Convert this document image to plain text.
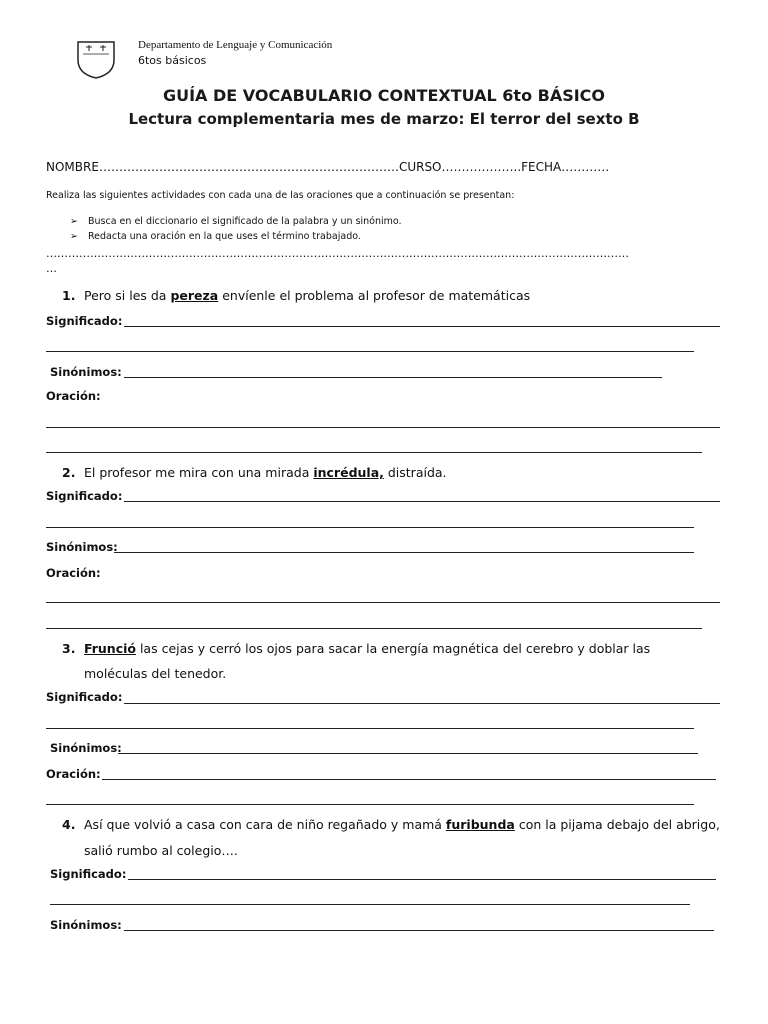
Departamento de Lenguaje y Comunicación
6tos básicos
GUÍA DE VOCABULARIO CONTEXTUAL 6to BÁSICO
Lectura complementaria mes de marzo: El terror del sexto B
NOMBRE…………………………………………………………………CURSO………………..FECHA…………
Realiza las siguientes actividades con cada una de las oraciones que a continuación se presentan:
➢ Busca en el diccionario el significado de la palabra y un sinónimo.
➢ Redacta una oración en la que uses el término trabajado.
……………………………………………………………………………………………………………………………………………
…
1. Pero si les da pereza envíenle el problema al profesor de matemáticas
Significado:
Sinónimos:
Oración:
2. El profesor me mira con una mirada incrédula, distraída.
Significado:
Sinónimos:
Oración:
3. Frunció las cejas y cerró los ojos para sacar la energía magnética del cerebro y doblar las
moléculas del tenedor.
Significado:
Sinónimos:
Oración:
4. Así que volvió a casa con cara de niño regañado y mamá furibunda con la pijama debajo del abrigo,
salió rumbo al colegio….
Significado:
Sinónimos:
